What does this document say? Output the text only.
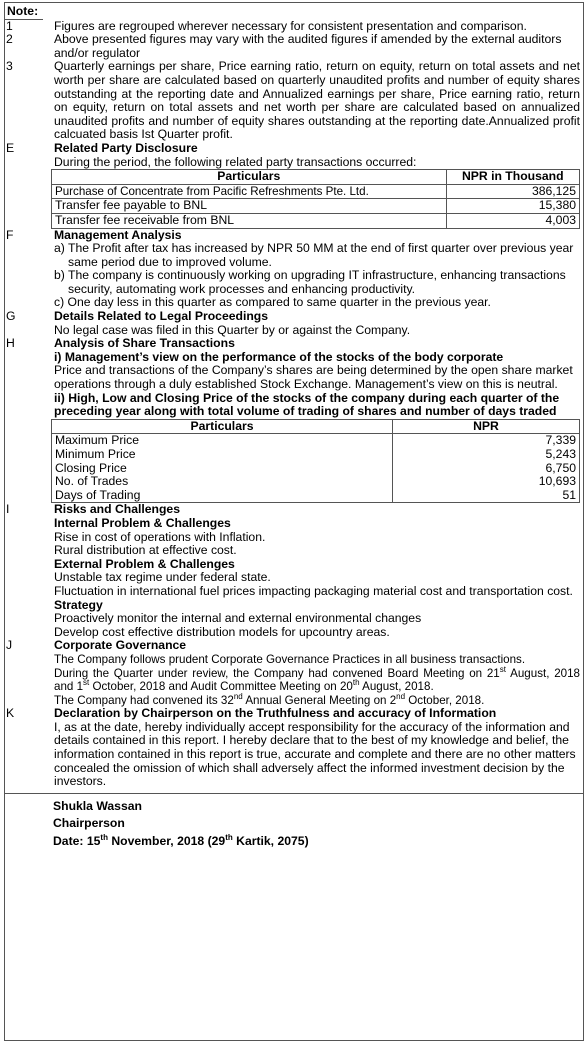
Note:
1	Figures are regrouped wherever necessary for consistent presentation and comparison.
2	Above presented figures may vary with the audited figures if amended by the external auditors and/or regulator
3	Quarterly earnings per share, Price earning ratio, return on equity, return on total assets and net worth per share are calculated based on quarterly unaudited profits and number of equity shares outstanding at the reporting date and Annualized earnings per share, Price earning ratio, return on equity, return on total assets and net worth per share are calculated based on annualized unaudited profits and number of equity shares outstanding at the reporting date.Annualized profit calcuated basis Ist Quarter profit.
E	Related Party Disclosure
During the period, the following related party transactions occurred:
Particulars	NPR in Thousand
Purchase of Concentrate from Pacific Refreshments Pte. Ltd.	386,125
Transfer fee payable to BNL	15,380
Transfer fee receivable from BNL	4,003
F	Management Analysis
a) The Profit after tax has increased by NPR 50 MM at the end of first quarter over previous year same period due to improved volume.
b) The company is continuously working on upgrading IT infrastructure, enhancing transactions security, automating work processes and enhancing productivity.
c) One day less in this quarter as compared to same quarter in the previous year.
G	Details Related to Legal Proceedings
No legal case was filed in this Quarter by or against the Company.
H	Analysis of Share Transactions
i) Management’s view on the performance of the stocks of the body corporate
Price and transactions of the Company’s shares are being determined by the open share market operations through a duly established Stock Exchange. Management’s view on this is neutral.
ii) High, Low and Closing Price of the stocks of the company during each quarter of the preceding year along with total volume of trading of shares and number of days traded
Particulars	NPR
Maximum Price	7,339
Minimum Price	5,243
Closing Price	6,750
No. of Trades	10,693
Days of Trading	51
I	Risks and Challenges
Internal Problem & Challenges
Rise in cost of operations with Inflation.
Rural distribution at effective cost.
External Problem & Challenges
Unstable tax regime under federal state.
Fluctuation in international fuel prices impacting packaging material cost and transportation cost.
Strategy
Proactively monitor the internal and external environmental changes
Develop cost effective distribution models for upcountry areas.
J	Corporate Governance
The Company follows prudent Corporate Governance Practices in all business transactions.
During the Quarter under review, the Company had convened Board Meeting on 21st August, 2018 and 1st October, 2018 and Audit Committee Meeting on 20th August, 2018.
The Company had convened its 32nd Annual General Meeting on 2nd October, 2018.
K	Declaration by Chairperson on the Truthfulness and accuracy of Information
I, as at the date, hereby individually accept responsibility for the accuracy of the information and details contained in this report. I hereby declare that to the best of my knowledge and belief, the information contained in this report is true, accurate and complete and there are no other matters concealed the omission of which shall adversely affect the informed investment decision by the investors.
Shukla Wassan
Chairperson
Date: 15th November, 2018 (29th Kartik, 2075)
